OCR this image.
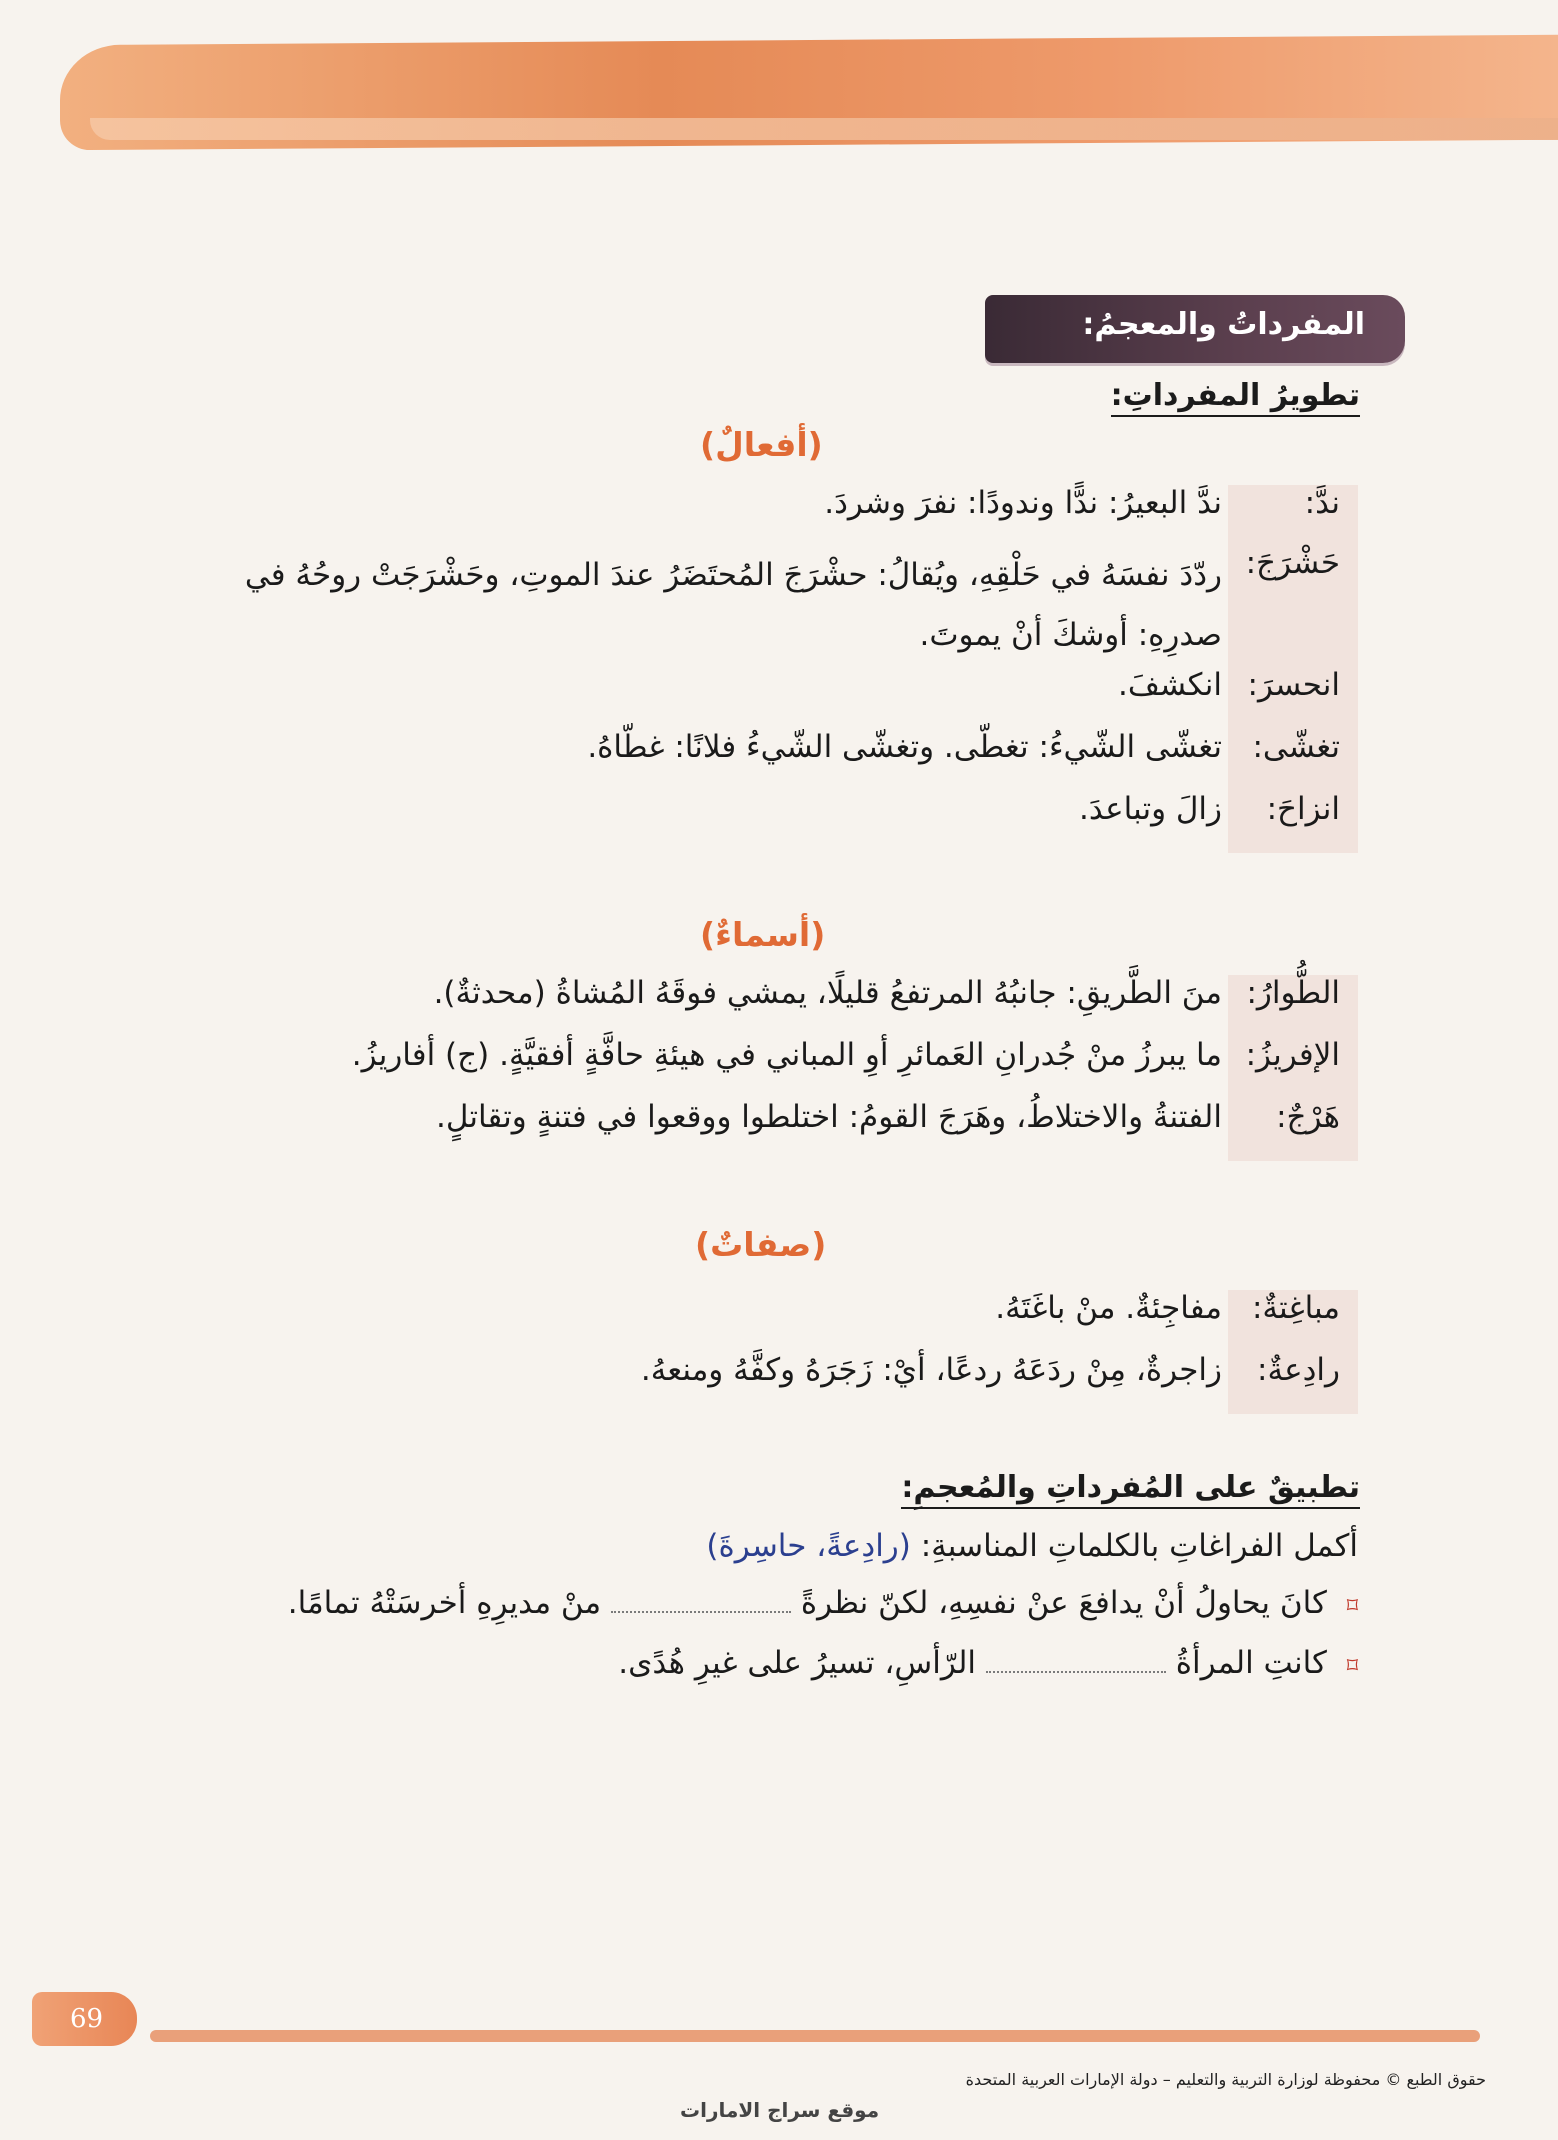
المفرداتُ والمعجمُ:
تطويرُ المفرداتِ:
(أفعالٌ)
ندَّ:
ندَّ البعيرُ: ندًّا وندودًا: نفرَ وشردَ.
حَشْرَجَ:
ردّدَ نفسَهُ في حَلْقِهِ، ويُقالُ: حشْرَجَ المُحتَضَرُ عندَ الموتِ، وحَشْرَجَتْ روحُهُ في صدرِهِ: أوشكَ أنْ يموتَ.
انحسرَ:
انكشفَ.
تغشّى:
تغشّى الشّيءُ: تغطّى. وتغشّى الشّيءُ فلانًا: غطّاهُ.
انزاحَ:
زالَ وتباعدَ.
(أسماءٌ)
الطُّوارُ:
منَ الطَّريقِ: جانبُهُ المرتفعُ قليلًا، يمشي فوقَهُ المُشاةُ (محدثةٌ).
الإفريزُ:
ما يبرزُ منْ جُدرانِ العَمائرِ أوِ المباني في هيئةِ حافَّةٍ أفقيَّةٍ. (ج) أفاريزُ.
هَرْجٌ:
الفتنةُ والاختلاطُ، وهَرَجَ القومُ: اختلطوا ووقعوا في فتنةٍ وتقاتلٍ.
(صفاتٌ)
مباغِتةٌ:
مفاجِئةٌ. منْ باغَتَهُ.
رادِعةٌ:
زاجرةٌ، مِنْ ردَعَهُ ردعًا، أيْ: زَجَرَهُ وكفَّهُ ومنعهُ.
تطبيقٌ على المُفرداتِ والمُعجمِ:
أكمل الفراغاتِ بالكلماتِ المناسبةِ: (رادِعةً، حاسِرةَ)
⌑ كانَ يحاولُ أنْ يدافعَ عنْ نفسِهِ، لكنّ نظرةً  منْ مديرِهِ أخرسَتْهُ تمامًا.
⌑ كانتِ المرأةُ  الرّأسِ، تسيرُ على غيرِ هُدًى.
69
حقوق الطبع © محفوظة لوزارة التربية والتعليم – دولة الإمارات العربية المتحدة
موقع سراج الامارات
